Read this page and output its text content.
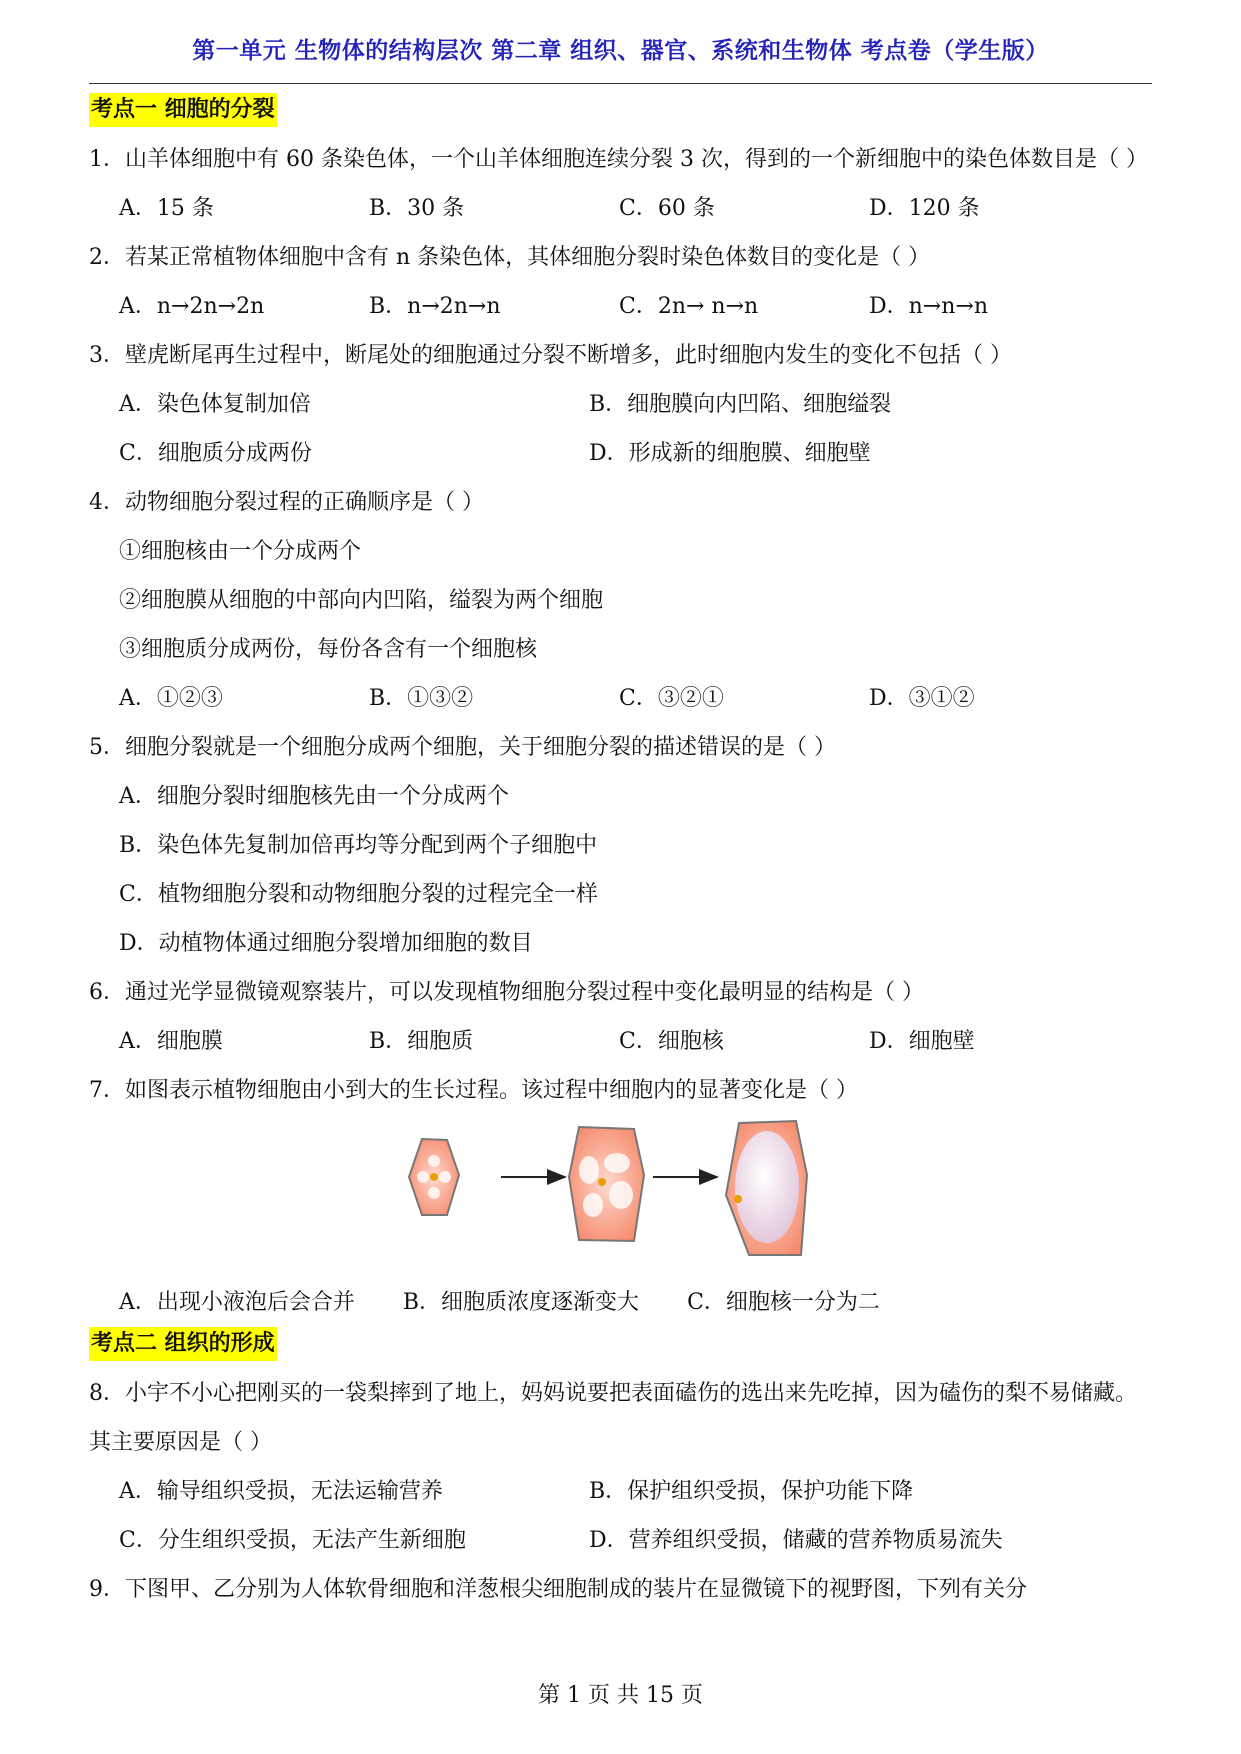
第一单元 生物体的结构层次 第二章 组织、器官、系统和生物体 考点卷（学生版）
考点一 细胞的分裂

1．山羊体细胞中有 60 条染色体，一个山羊体细胞连续分裂 3 次，得到的一个新细胞中的染色体数目是（ ）

A．15 条	B．30 条	C．60 条	D．120 条

2．若某正常植物体细胞中含有 n 条染色体，其体细胞分裂时染色体数目的变化是（ ）

A．n→2n→2n	B．n→2n→n	C．2n→ n→n	D．n→n→n

3．壁虎断尾再生过程中，断尾处的细胞通过分裂不断增多，此时细胞内发生的变化不包括（ ）

A．染色体复制加倍	B．细胞膜向内凹陷、细胞缢裂
C．细胞质分成两份	D．形成新的细胞膜、细胞壁

4．动物细胞分裂过程的正确顺序是（ ）

①细胞核由一个分成两个

②细胞膜从细胞的中部向内凹陷，缢裂为两个细胞

③细胞质分成两份，每份各含有一个细胞核

A．①②③	B．①③②	C．③②①	D．③①②

5．细胞分裂就是一个细胞分成两个细胞，关于细胞分裂的描述错误的是（ ）

A．细胞分裂时细胞核先由一个分成两个

B．染色体先复制加倍再均等分配到两个子细胞中

C．植物细胞分裂和动物细胞分裂的过程完全一样

D．动植物体通过细胞分裂增加细胞的数目

6．通过光学显微镜观察装片，可以发现植物细胞分裂过程中变化最明显的结构是（ ）

A．细胞膜	B．细胞质	C．细胞核	D．细胞壁

7．如图表示植物细胞由小到大的生长过程。该过程中细胞内的显著变化是（ ）

A．出现小液泡后会合并 B．细胞质浓度逐渐变大 C．细胞核一分为二
考点二 组织的形成

8．小宇不小心把刚买的一袋梨摔到了地上，妈妈说要把表面磕伤的选出来先吃掉，因为磕伤的梨不易储藏。其主要原因是（ ）

A．输导组织受损，无法运输营养	B．保护组织受损，保护功能下降
C．分生组织受损，无法产生新细胞	D．营养组织受损，储藏的营养物质易流失

9．下图甲、乙分别为人体软骨细胞和洋葱根尖细胞制成的装片在显微镜下的视野图，下列有关分

第 1 页 共 15 页
